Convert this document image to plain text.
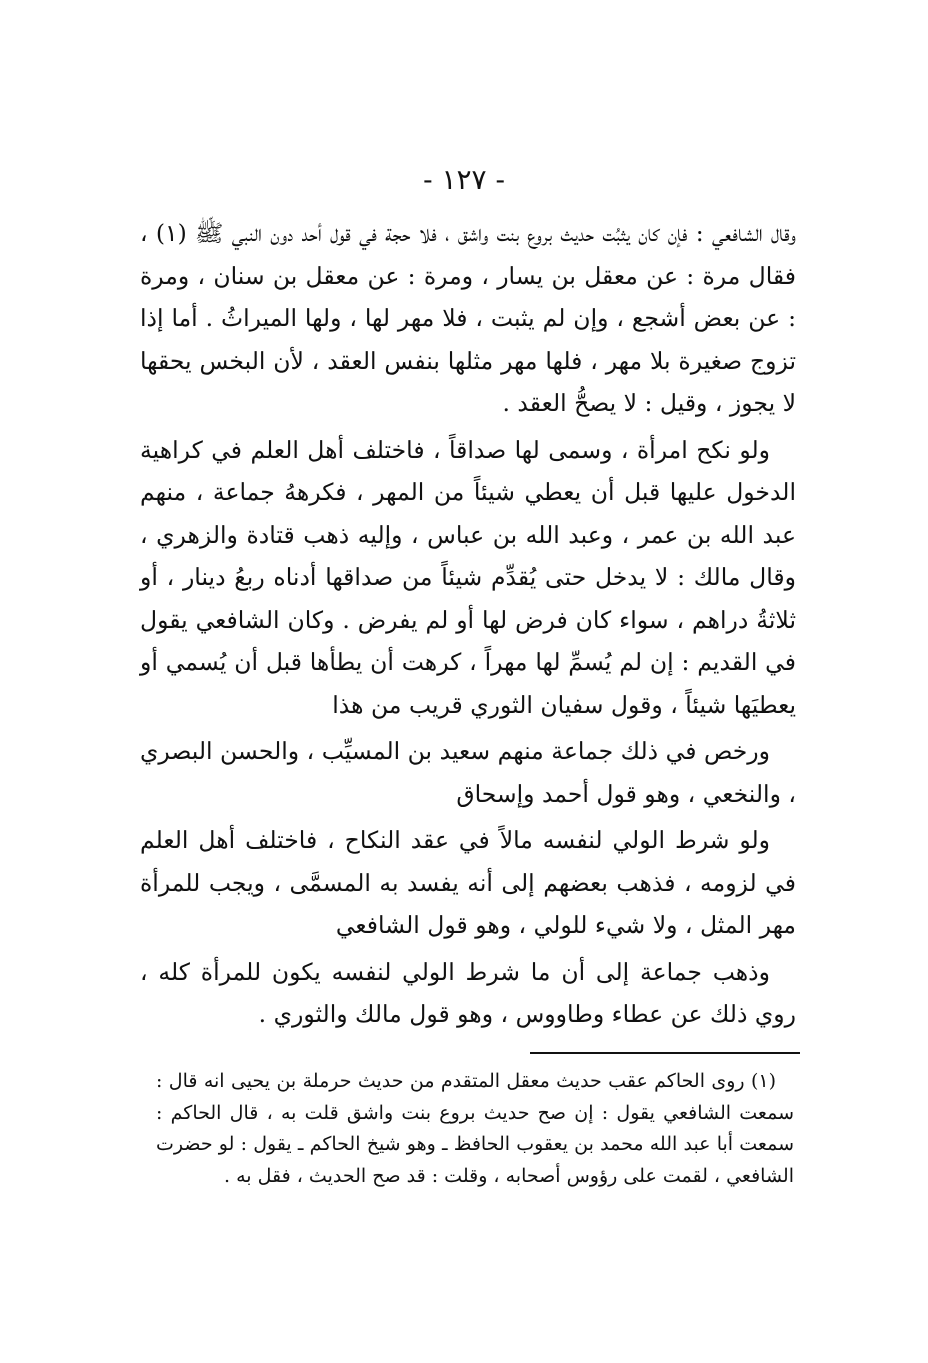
- ١٢٧ -

وقال الشافعي : فإن كان يثبُت حديث بروع بنت واشق ، فلا حجة في قول أحد دون النبي ﷺ (١) ، فقال مرة : عن معقل بن يسار ، ومرة : عن معقل بن سنان ، ومرة : عن بعض أشجع ، وإن لم يثبت ، فلا مهر لها ، ولها الميراثُ . أما إذا تزوج صغيرة بلا مهر ، فلها مهر مثلها بنفس العقد ، لأن البخس يحقها لا يجوز ، وقيل : لا يصحُّ العقد .

ولو نكح امرأة ، وسمى لها صداقاً ، فاختلف أهل العلم في كراهية الدخول عليها قبل أن يعطي شيئاً من المهر ، فكرههُ جماعة ، منهم عبد الله بن عمر ، وعبد الله بن عباس ، وإليه ذهب قتادة والزهري ، وقال مالك : لا يدخل حتى يُقدِّم شيئاً من صداقها أدناه ربعُ دينار ، أو ثلاثةُ دراهم ، سواء كان فرض لها أو لم يفرض . وكان الشافعي يقول في القديم : إن لم يُسمِّ لها مهراً ، كرهت أن يطأها قبل أن يُسمي أو يعطيَها شيئاً ، وقول سفيان الثوري قريب من هذا

ورخص في ذلك جماعة منهم سعيد بن المسيِّب ، والحسن البصري ، والنخعي ، وهو قول أحمد وإسحاق

ولو شرط الولي لنفسه مالاً في عقد النكاح ، فاختلف أهل العلم في لزومه ، فذهب بعضهم إلى أنه يفسد به المسمَّى ، ويجب للمرأة مهر المثل ، ولا شيء للولي ، وهو قول الشافعي

وذهب جماعة إلى أن ما شرط الولي لنفسه يكون للمرأة كله ، روي ذلك عن عطاء وطاووس ، وهو قول مالك والثوري .

(١) روى الحاكم عقب حديث معقل المتقدم من حديث حرملة بن يحيى انه قال : سمعت الشافعي يقول : إن صح حديث بروع بنت واشق قلت به ، قال الحاكم : سمعت أبا عبد الله محمد بن يعقوب الحافظ ـ وهو شيخ الحاكم ـ يقول : لو حضرت الشافعي ، لقمت على رؤوس أصحابه ، وقلت : قد صح الحديث ، فقل به .
